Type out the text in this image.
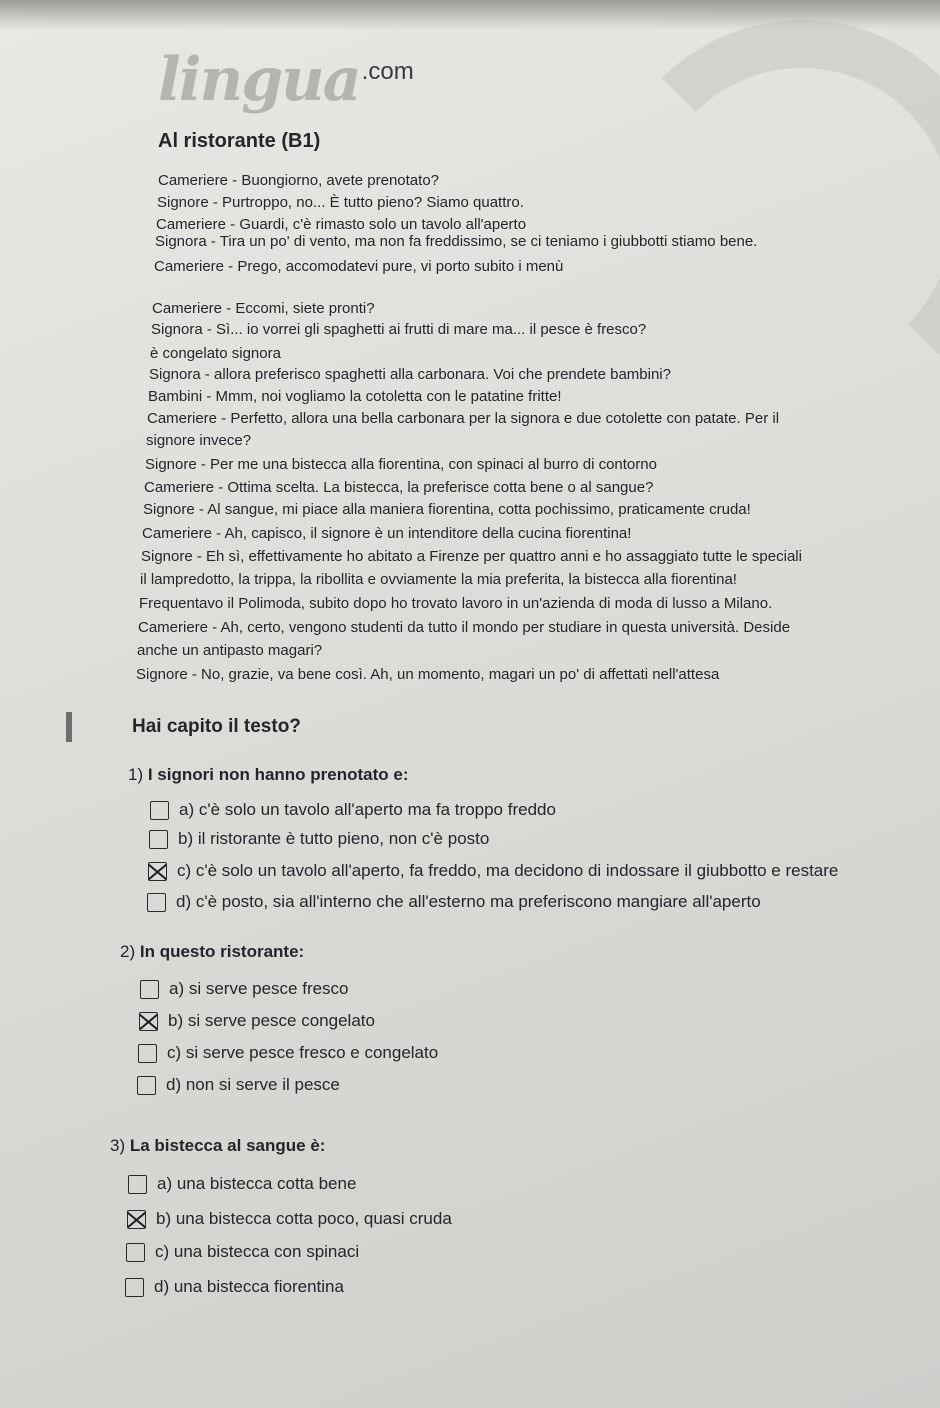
lingua .com
Al ristorante (B1)
Cameriere - Buongiorno, avete prenotato?
Signore - Purtroppo, no... È tutto pieno? Siamo quattro.
Cameriere - Guardi, c'è rimasto solo un tavolo all'aperto
Signora - Tira un po' di vento, ma non fa freddissimo, se ci teniamo i giubbotti stiamo bene.
Cameriere - Prego, accomodatevi pure, vi porto subito i menù
Cameriere - Eccomi, siete pronti?
Signora - Sì... io vorrei gli spaghetti ai frutti di mare ma... il pesce è fresco?
è congelato signora
Signora - allora preferisco spaghetti alla carbonara. Voi che prendete bambini?
Bambini - Mmm, noi vogliamo la cotoletta con le patatine fritte!
Cameriere - Perfetto, allora una bella carbonara per la signora e due cotolette con patate. Per il
signore invece?
Signore - Per me una bistecca alla fiorentina, con spinaci al burro di contorno
Cameriere - Ottima scelta. La bistecca, la preferisce cotta bene o al sangue?
Signore - Al sangue, mi piace alla maniera fiorentina, cotta pochissimo, praticamente cruda!
Cameriere - Ah, capisco, il signore è un intenditore della cucina fiorentina!
Signore - Eh sì, effettivamente ho abitato a Firenze per quattro anni e ho assaggiato tutte le speciali
il lampredotto, la trippa, la ribollita e ovviamente la mia preferita, la bistecca alla fiorentina!
Frequentavo il Polimoda, subito dopo ho trovato lavoro in un'azienda di moda di lusso a Milano.
Cameriere - Ah, certo, vengono studenti da tutto il mondo per studiare in questa università. Deside
anche un antipasto magari?
Signore - No, grazie, va bene così. Ah, un momento, magari un po' di affettati nell'attesa
Hai capito il testo?
1) I signori non hanno prenotato e:
a) c'è solo un tavolo all'aperto ma fa troppo freddo
b) il ristorante è tutto pieno, non c'è posto
c) c'è solo un tavolo all'aperto, fa freddo, ma decidono di indossare il giubbotto e restare
d) c'è posto, sia all'interno che all'esterno ma preferiscono mangiare all'aperto
2) In questo ristorante:
a) si serve pesce fresco
b) si serve pesce congelato
c) si serve pesce fresco e congelato
d) non si serve il pesce
3) La bistecca al sangue è:
a) una bistecca cotta bene
b) una bistecca cotta poco, quasi cruda
c) una bistecca con spinaci
d) una bistecca fiorentina
